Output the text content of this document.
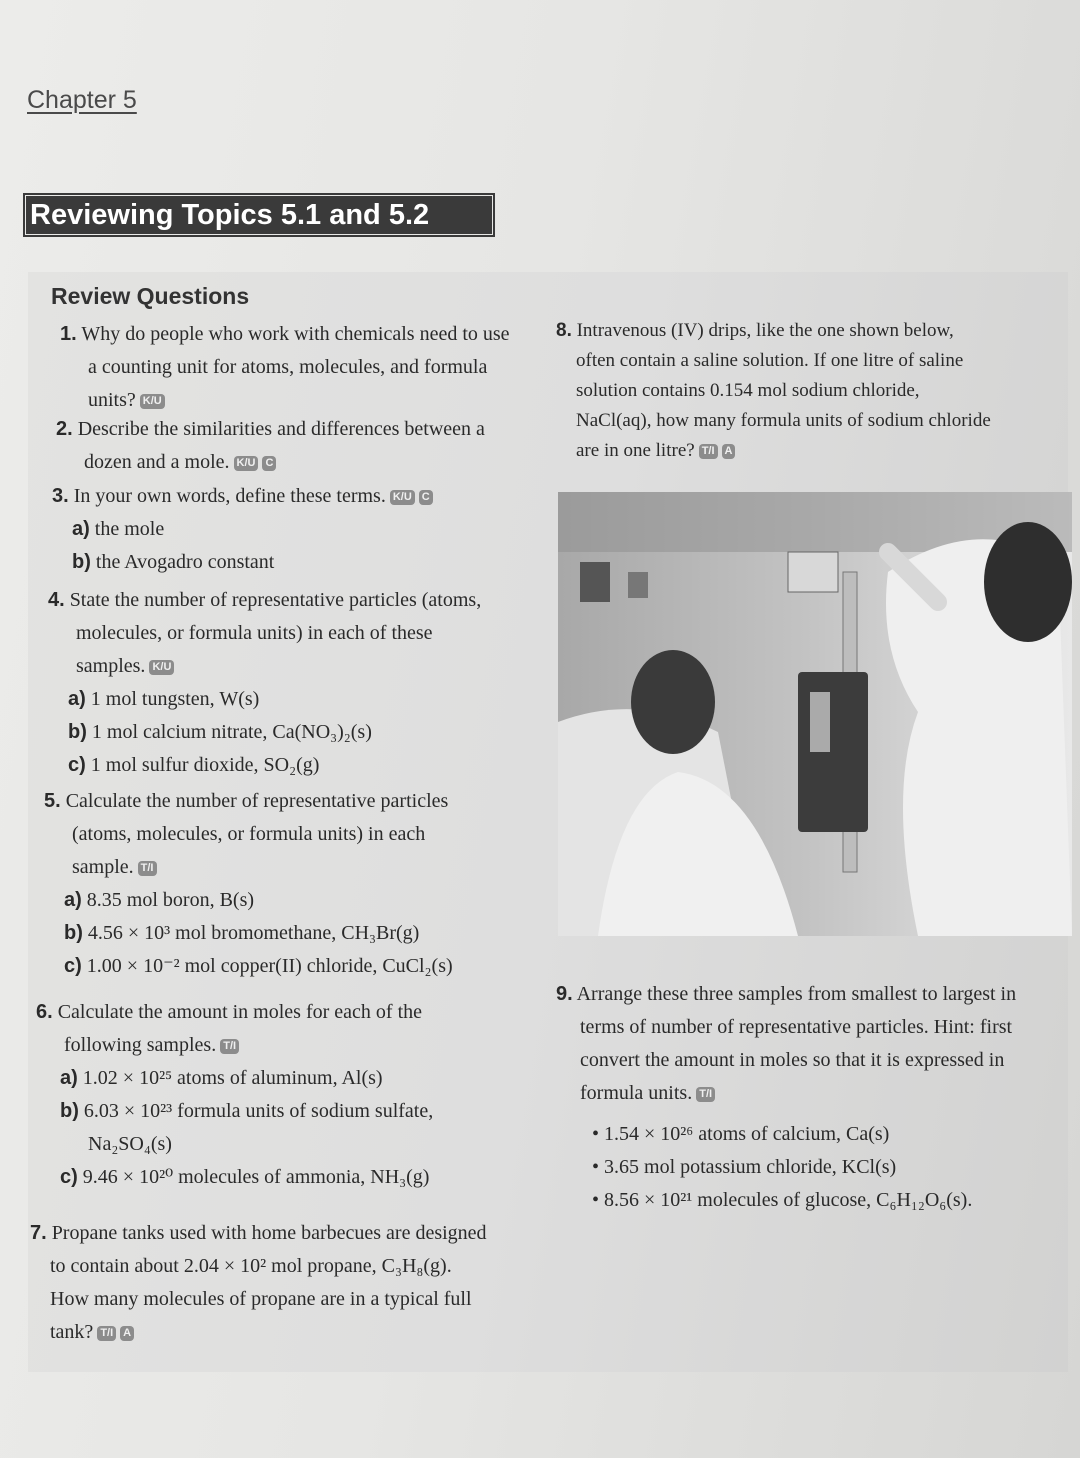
Chapter 5
Reviewing Topics 5.1 and 5.2
Review Questions
1. Why do people who work with chemicals need to use
a counting unit for atoms, molecules, and formula
units? K/U
2. Describe the similarities and differences between a
dozen and a mole. K/U C
3. In your own words, define these terms. K/U C
a) the mole
b) the Avogadro constant
4. State the number of representative particles (atoms,
molecules, or formula units) in each of these
samples. K/U
a) 1 mol tungsten, W(s)
b) 1 mol calcium nitrate, Ca(NO₃)₂(s)
c) 1 mol sulfur dioxide, SO₂(g)
5. Calculate the number of representative particles
(atoms, molecules, or formula units) in each
sample. T/I
a) 8.35 mol boron, B(s)
b) 4.56 × 10³ mol bromomethane, CH₃Br(g)
c) 1.00 × 10⁻² mol copper(II) chloride, CuCl₂(s)
6. Calculate the amount in moles for each of the
following samples. T/I
a) 1.02 × 10²⁵ atoms of aluminum, Al(s)
b) 6.03 × 10²³ formula units of sodium sulfate,
Na₂SO₄(s)
c) 9.46 × 10²⁰ molecules of ammonia, NH₃(g)
7. Propane tanks used with home barbecues are designed
to contain about 2.04 × 10² mol propane, C₃H₈(g).
How many molecules of propane are in a typical full
tank? T/I A
8. Intravenous (IV) drips, like the one shown below,
often contain a saline solution. If one litre of saline
solution contains 0.154 mol sodium chloride,
NaCl(aq), how many formula units of sodium chloride
are in one litre? T/I A
9. Arrange these three samples from smallest to largest in
terms of number of representative particles. Hint: first
convert the amount in moles so that it is expressed in
formula units. T/I
• 1.54 × 10²⁶ atoms of calcium, Ca(s)
• 3.65 mol potassium chloride, KCl(s)
• 8.56 × 10²¹ molecules of glucose, C₆H₁₂O₆(s).
